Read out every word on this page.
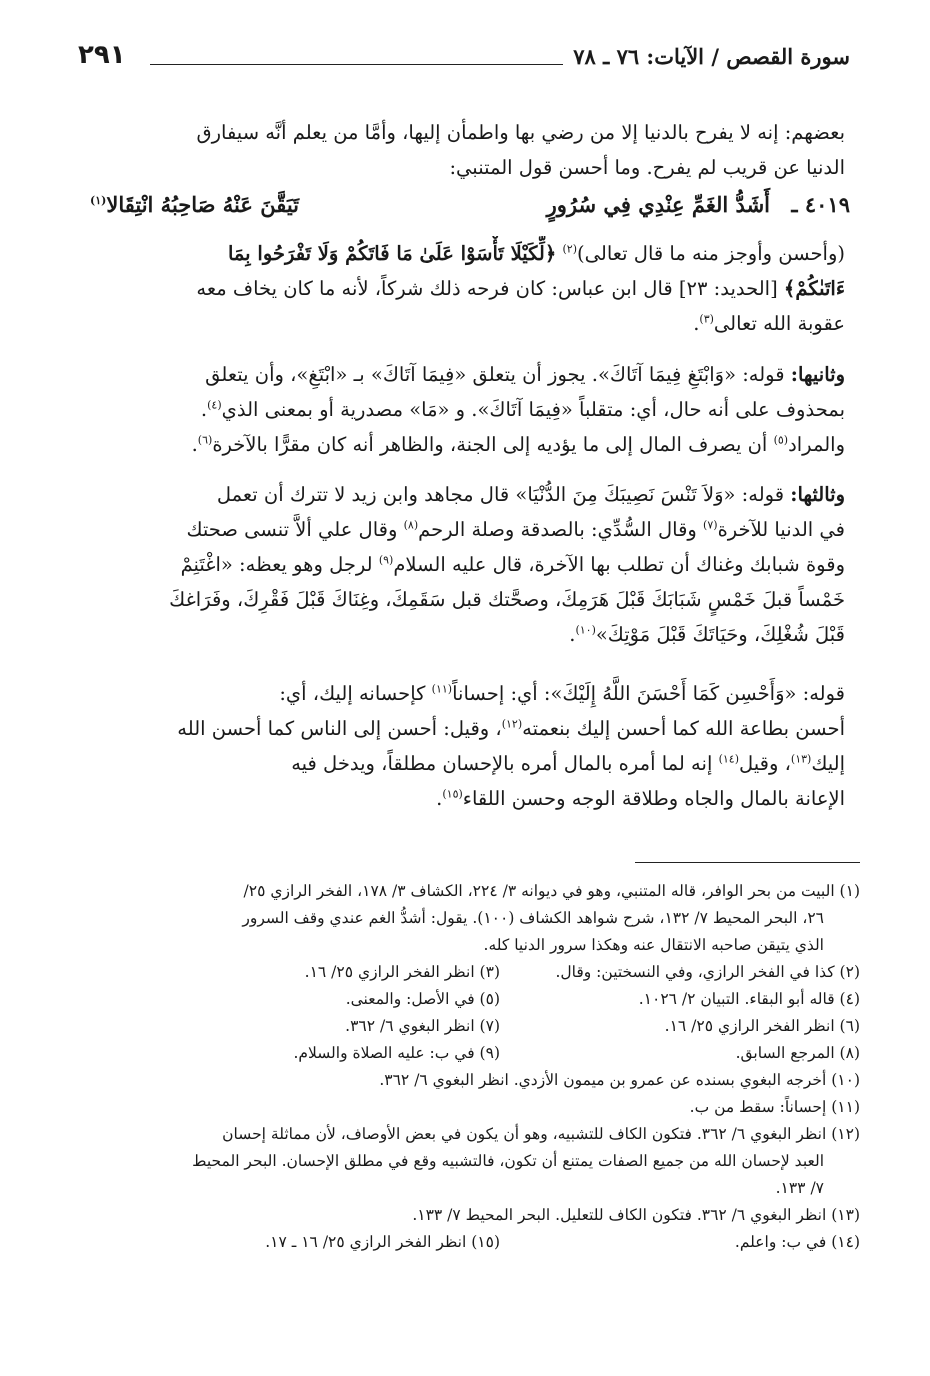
٢٩١	سورة القصص / الآيات: ٧٦ ـ ٧٨
بعضهم: إنه لا يفرح بالدنيا إلا من رضي بها واطمأن إليها، وأمَّا من يعلم أنَّه سيفارق
الدنيا عن قريب لم يفرح. وما أحسن قول المتنبي:
٤٠١٩ ـ
أَشَدُّ الغَمِّ عِنْدِي فِي سُرُورٍ
تَيَقَّنَ عَنْهُ صَاحِبُهُ انْتِقَالا$^{(١)}$
(وأحسن وأوجز منه ما قال تعالى)$^{(٢)}$ ﴿لِّكَيْلَا تَأْسَوْا عَلَىٰ مَا فَاتَكُمْ وَلَا تَفْرَحُوا بِمَا
ءَاتَىٰكُمْ﴾ [الحديد: ٢٣] قال ابن عباس: كان فرحه ذلك شركاً، لأنه ما كان يخاف معه
عقوبة الله تعالى$^{(٣)}$.
وثانيها: قوله: «وَابْتَغِ فِيمَا آتَاكَ». يجوز أن يتعلق «فِيمَا آتَاكَ» بـ «ابْتَغِ»، وأن يتعلق
بمحذوف على أنه حال، أي: متقلباً «فِيمَا آتَاكَ». و «مَا» مصدرية أو بمعنى الذي$^{(٤)}$.
والمراد$^{(٥)}$ أن يصرف المال إلى ما يؤديه إلى الجنة، والظاهر أنه كان مقرًّا بالآخرة$^{(٦)}$.
وثالثها: قوله: «وَلاَ تَنْسَ نَصِيبَكَ مِنَ الدُّنْيَا» قال مجاهد وابن زيد لا تترك أن تعمل
في الدنيا للآخرة$^{(٧)}$ وقال السُّدِّي: بالصدقة وصلة الرحم$^{(٨)}$ وقال علي ألاَّ تنسى صحتك
وقوة شبابك وغناك أن تطلب بها الآخرة، قال عليه السلام$^{(٩)}$ لرجل وهو يعظه: «اغْتَنِمْ
خَمْساً قبلَ خَمْسٍ شَبَابَكَ قَبْلَ هَرَمِكَ، وصحَّتك قبل سَقَمِكَ، وغِنَاكَ قَبْلَ فَقْرِكَ، وفَرَاغكَ
قَبْلَ شُغْلِكَ، وحَيَاتَكَ قَبْلَ مَوْتِكَ»$^{(١٠)}$.
قوله: «وَأَحْسِن كَمَا أَحْسَنَ اللَّهُ إِلَيْكَ»: أي: إحساناً$^{(١١)}$ كإحسانه إليك، أي:
أحسن بطاعة الله كما أحسن إليك بنعمته$^{(١٢)}$، وقيل: أحسن إلى الناس كما أحسن الله
إليك$^{(١٣)}$، وقيل$^{(١٤)}$ إنه لما أمره بالمال أمره بالإحسان مطلقاً، ويدخل فيه
الإعانة بالمال والجاه وطلاقة الوجه وحسن اللقاء$^{(١٥)}$.
(١) البيت من بحر الوافر، قاله المتنبي، وهو في ديوانه ٣/ ٢٢٤، الكشاف ٣/ ١٧٨، الفخر الرازي ٢٥/
٢٦، البحر المحيط ٧/ ١٣٢، شرح شواهد الكشاف (١٠٠). يقول: أشدُّ الغم عندي وقف السرور
الذي يتيقن صاحبه الانتقال عنه وهكذا سرور الدنيا كله.
(٢) كذا في الفخر الرازي، وفي النسختين: وقال.
(٣) انظر الفخر الرازي ٢٥/ ١٦.
(٤) قاله أبو البقاء. التبيان ٢/ ١٠٢٦.
(٥) في الأصل: والمعنى.
(٦) انظر الفخر الرازي ٢٥/ ١٦.
(٧) انظر البغوي ٦/ ٣٦٢.
(٨) المرجع السابق.
(٩) في ب: عليه الصلاة والسلام.
(١٠) أخرجه البغوي بسنده عن عمرو بن ميمون الأزدي. انظر البغوي ٦/ ٣٦٢.
(١١) إحساناً: سقط من ب.
(١٢) انظر البغوي ٦/ ٣٦٢. فتكون الكاف للتشبيه، وهو أن يكون في بعض الأوصاف، لأن مماثلة إحسان
العبد لإحسان الله من جميع الصفات يمتنع أن تكون، فالتشبيه وقع في مطلق الإحسان. البحر المحيط
٧/ ١٣٣.
(١٣) انظر البغوي ٦/ ٣٦٢. فتكون الكاف للتعليل. البحر المحيط ٧/ ١٣٣.
(١٤) في ب: واعلم.
(١٥) انظر الفخر الرازي ٢٥/ ١٦ ـ ١٧.
